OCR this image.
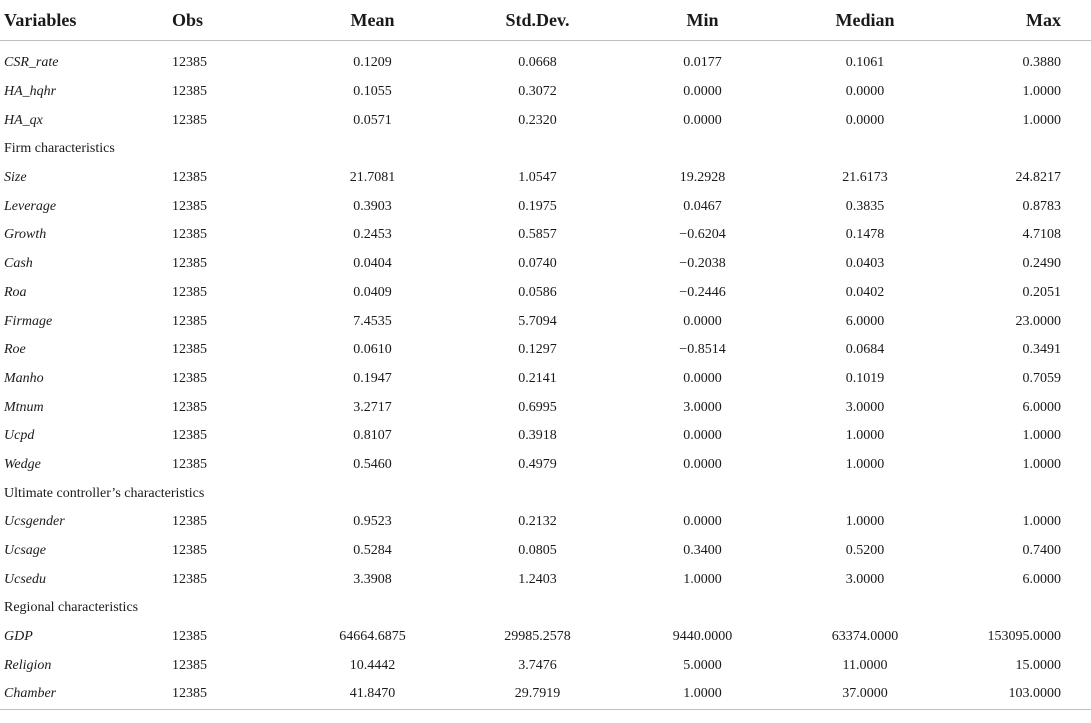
Variables	Obs	Mean	Std.Dev.	Min	Median	Max

CSR_rate	12385	0.1209	0.0668	0.0177	0.1061	0.3880
HA_hqhr	12385	0.1055	0.3072	0.0000	0.0000	1.0000
HA_qx	12385	0.0571	0.2320	0.0000	0.0000	1.0000
Firm characteristics						
Size	12385	21.7081	1.0547	19.2928	21.6173	24.8217
Leverage	12385	0.3903	0.1975	0.0467	0.3835	0.8783
Growth	12385	0.2453	0.5857	−0.6204	0.1478	4.7108
Cash	12385	0.0404	0.0740	−0.2038	0.0403	0.2490
Roa	12385	0.0409	0.0586	−0.2446	0.0402	0.2051
Firmage	12385	7.4535	5.7094	0.0000	6.0000	23.0000
Roe	12385	0.0610	0.1297	−0.8514	0.0684	0.3491
Manho	12385	0.1947	0.2141	0.0000	0.1019	0.7059
Mtnum	12385	3.2717	0.6995	3.0000	3.0000	6.0000
Ucpd	12385	0.8107	0.3918	0.0000	1.0000	1.0000
Wedge	12385	0.5460	0.4979	0.0000	1.0000	1.0000
Ultimate controller’s characteristics						
Ucsgender	12385	0.9523	0.2132	0.0000	1.0000	1.0000
Ucsage	12385	0.5284	0.0805	0.3400	0.5200	0.7400
Ucsedu	12385	3.3908	1.2403	1.0000	3.0000	6.0000
Regional characteristics						
GDP	12385	64664.6875	29985.2578	9440.0000	63374.0000	153095.0000
Religion	12385	10.4442	3.7476	5.0000	11.0000	15.0000
Chamber	12385	41.8470	29.7919	1.0000	37.0000	103.0000
